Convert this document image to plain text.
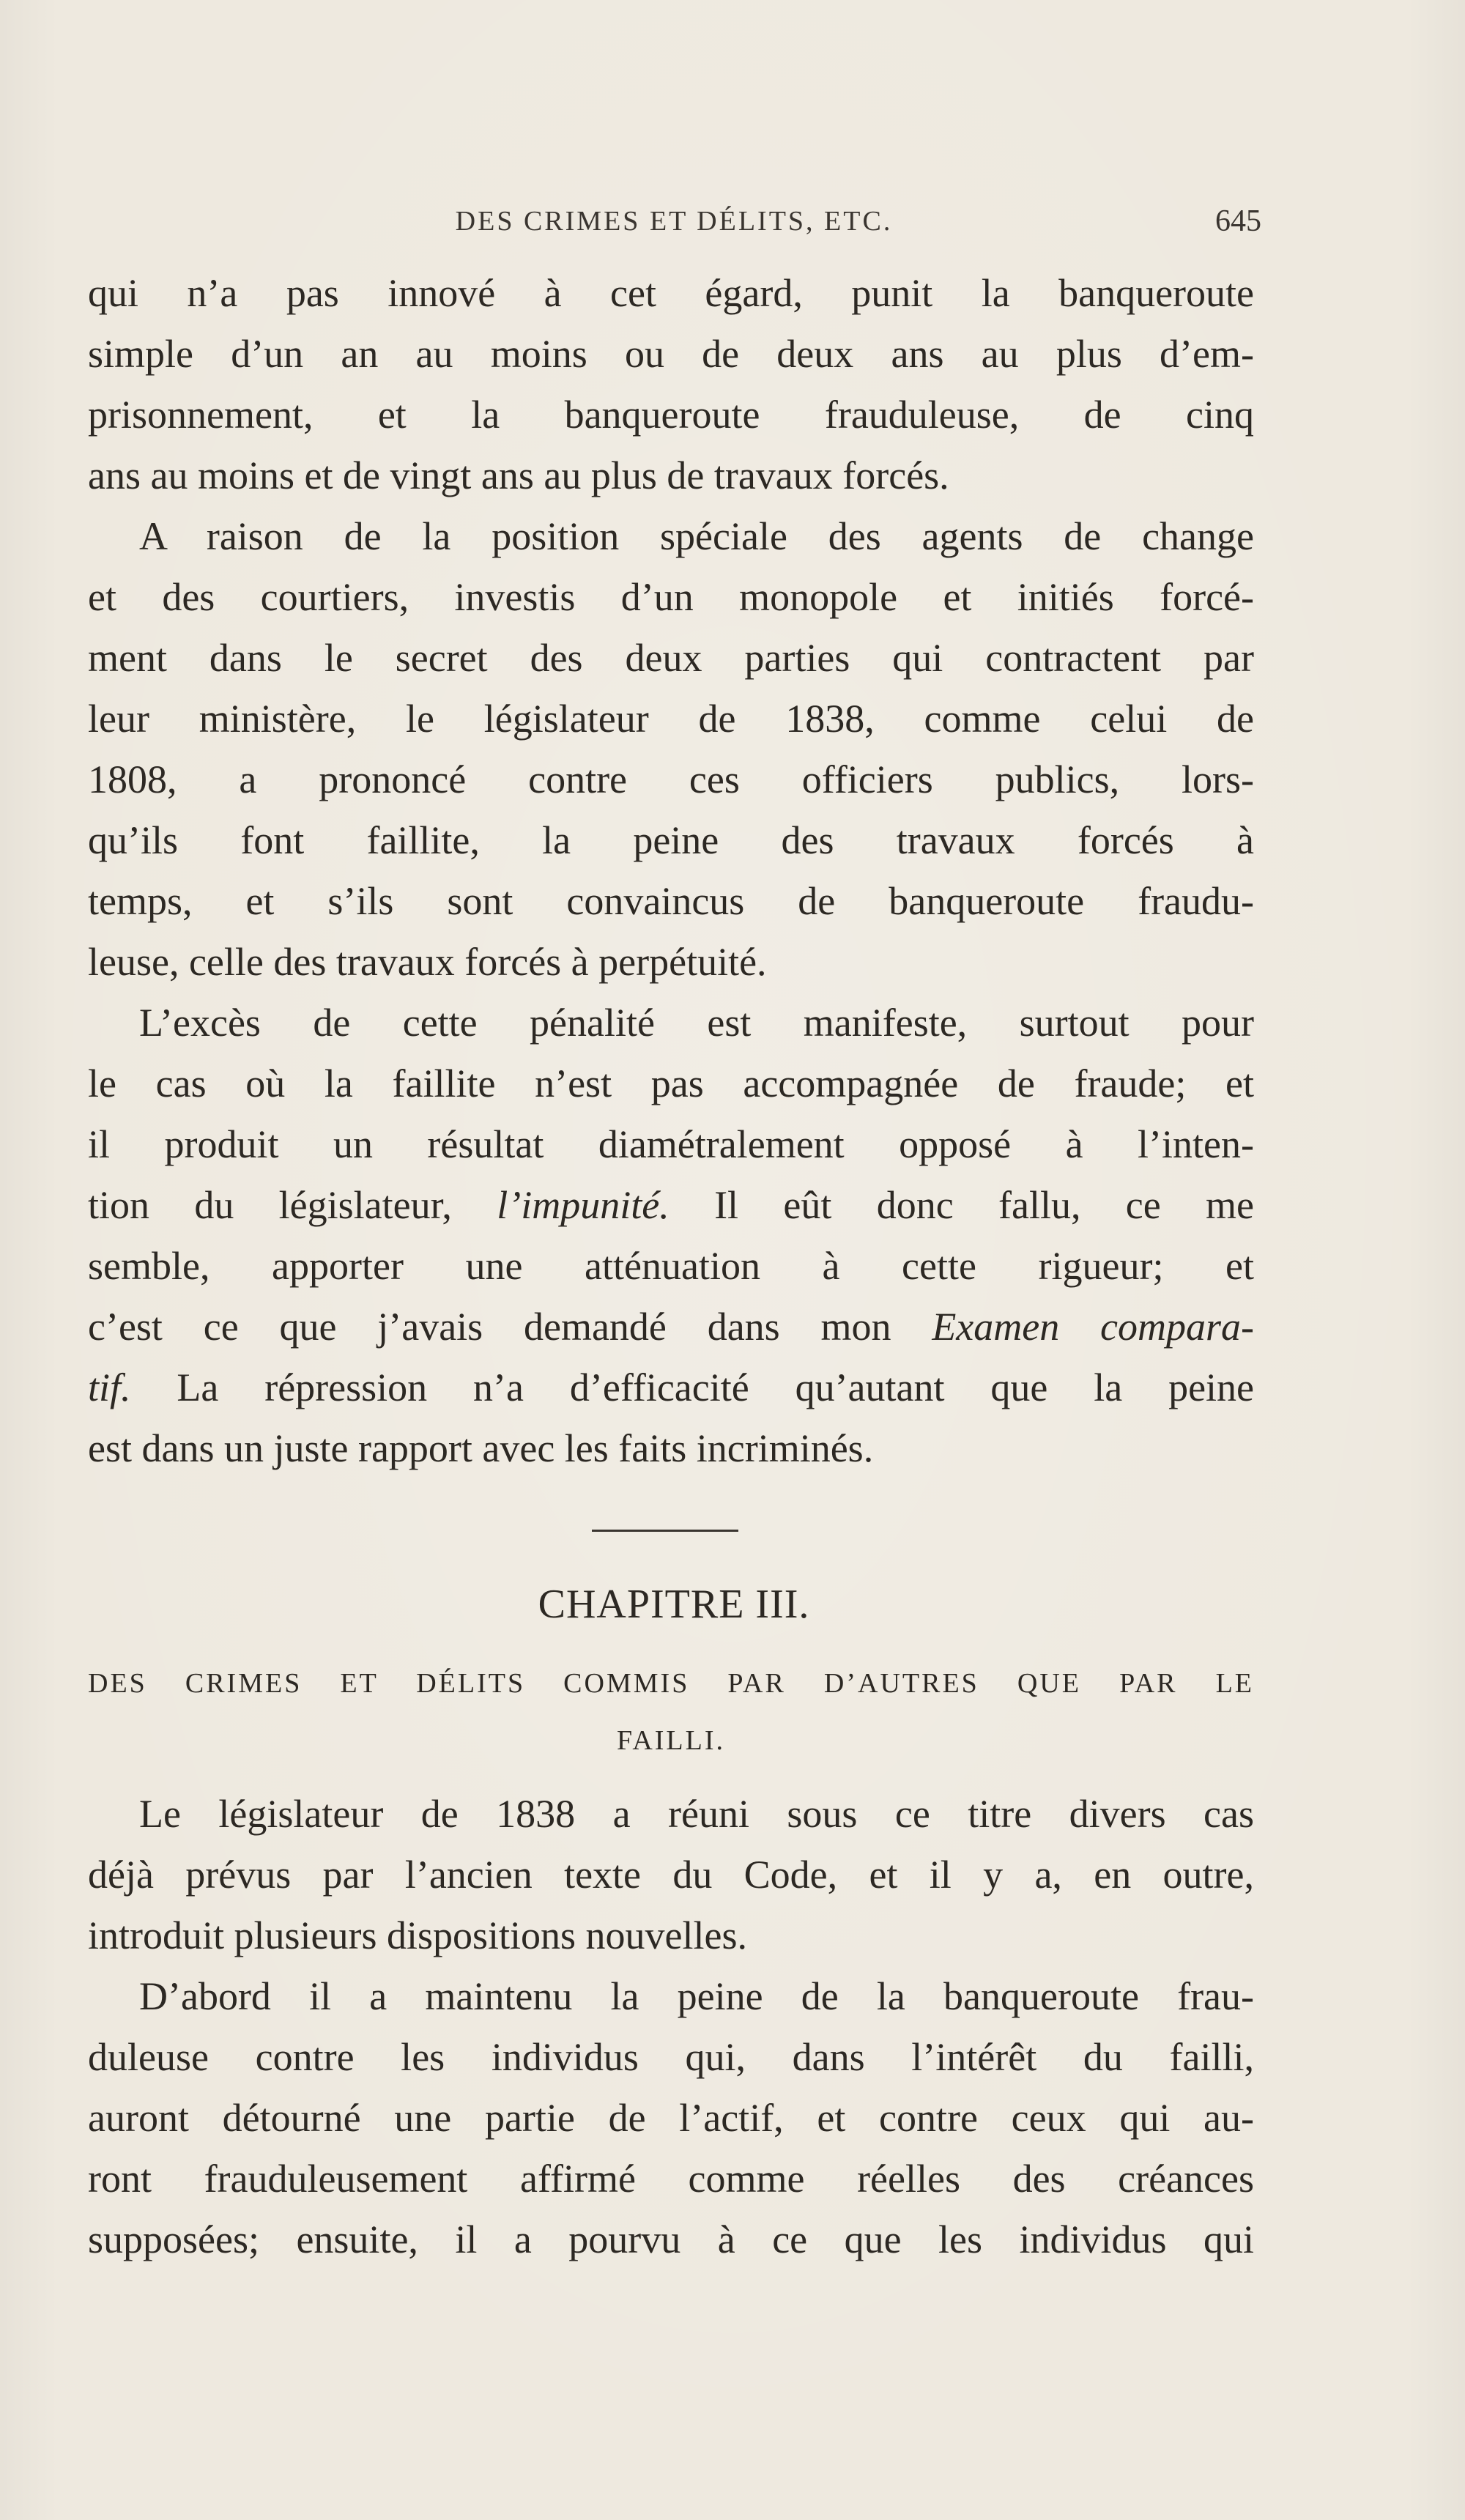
DES CRIMES ET DÉLITS, ETC.	645
qui n’a pas innové à cet égard, punit la banqueroute
simple d’un an au moins ou de deux ans au plus d’em-
prisonnement, et la banqueroute frauduleuse, de cinq
ans au moins et de vingt ans au plus de travaux forcés.
A raison de la position spéciale des agents de change
et des courtiers, investis d’un monopole et initiés forcé-
ment dans le secret des deux parties qui contractent par
leur ministère, le législateur de 1838, comme celui de
1808, a prononcé contre ces officiers publics, lors-
qu’ils font faillite, la peine des travaux forcés à
temps, et s’ils sont convaincus de banqueroute fraudu-
leuse, celle des travaux forcés à perpétuité.
L’excès de cette pénalité est manifeste, surtout pour
le cas où la faillite n’est pas accompagnée de fraude; et
il produit un résultat diamétralement opposé à l’inten-
tion du législateur, l’impunité. Il eût donc fallu, ce me
semble, apporter une atténuation à cette rigueur; et
c’est ce que j’avais demandé dans mon Examen compara-
tif. La répression n’a d’efficacité qu’autant que la peine
est dans un juste rapport avec les faits incriminés.
CHAPITRE III.
DES CRIMES ET DÉLITS COMMIS PAR D’AUTRES QUE PAR LE
FAILLI.
Le législateur de 1838 a réuni sous ce titre divers cas
déjà prévus par l’ancien texte du Code, et il y a, en outre,
introduit plusieurs dispositions nouvelles.
D’abord il a maintenu la peine de la banqueroute frau-
duleuse contre les individus qui, dans l’intérêt du failli,
auront détourné une partie de l’actif, et contre ceux qui au-
ront frauduleusement affirmé comme réelles des créances
supposées; ensuite, il a pourvu à ce que les individus qui
